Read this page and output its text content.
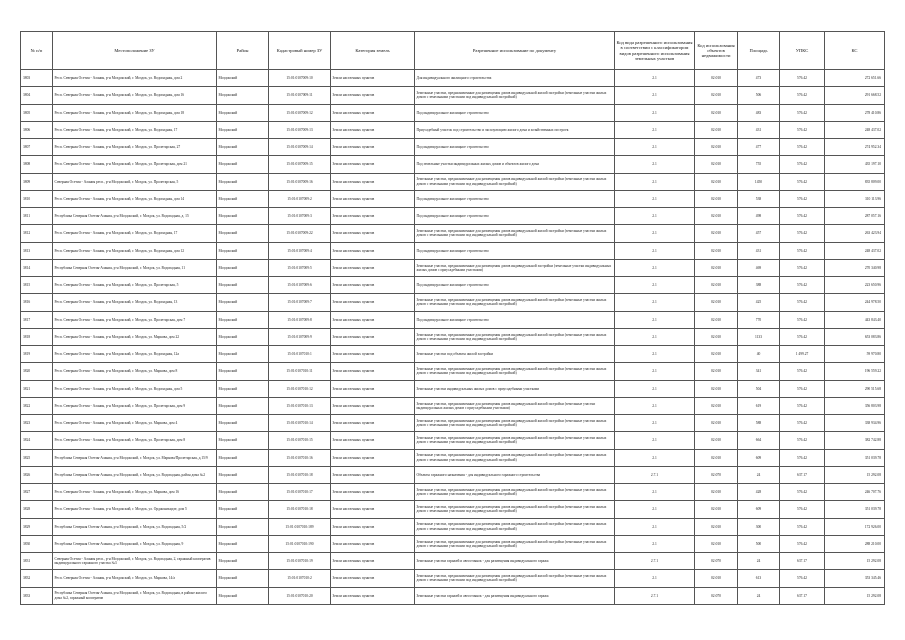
№ п/п	Местоположение ЗУ	Район	Кадастровый номер ЗУ	Категория земель	Разрешенное использование по документу	Код вида разрешенного использования в соответствии с классификатором видов разрешенного использования земельных участков	Код использования объектов недвижимости	Площадь	УПКС	КС
3803	Респ. Северная Осетия - Алания, р-н Моздокский, г. Моздок, ул. Водопадная, дом 2	Моздокский	15:01:0107009:10	Земли населенных пунктов	Для индивидуального жилищного строительства	2.1	02:010	473	576.42	272 651.66
3804	Респ. Северная Осетия - Алания, р-н Моздокский, г. Моздок, ул. Водопадная, дом 16	Моздокский	15:01:0107009:11	Земли населенных пунктов	Земельные участки, предназначенные для размещения домов индивидуальной жилой застройки (земельные участки жилых домов с земельными участками под индивидуальной застройкой)	2.1	02:010	506	576.42	291 668.52
3805	Респ. Северная Осетия - Алания, р-н Моздокский, г. Моздок, ул. Водопадная, дом 18	Моздокский	15:01:0107009:12	Земли населенных пунктов	Под индивидуальное жилищное строительство	2.1	02:010	483	576.42	278 410.86
3806	Респ. Северная Осетия - Алания, р-н Моздокский, г. Моздок, ул. Водопадная, 17	Моздокский	15:01:0107009:13	Земли населенных пунктов	Приусадебный участок под строительство и эксплуатацию жилого дома и хозяйственных построек	2.1	02:010	431	576.42	248 437.02
3807	Респ. Северная Осетия - Алания, р-н Моздокский, г. Моздок, ул. Пролетарская, 27	Моздокский	15:01:0107009:14	Земли населенных пунктов	Под индивидуальное жилищное строительство	2.1	02:010	477	576.42	274 952.34
3808	Респ. Северная Осетия - Алания, р-н Моздокский, г. Моздок, ул. Пролетарская, дом 21	Моздокский	15:01:0107009:15	Земли населенных пунктов	Под земельные участки индивидуальных жилых домов и объектов жилого дома	2.1	02:010	755	576.42	435 197.10
3809	Северная Осетия - Алания респ., р-н Моздокский, г. Моздок, ул. Пролетарская, 5	Моздокский	15:01:0107009:16	Земли населенных пунктов	Земельные участки, предназначенные для размещения домов индивидуальной жилой застройки (земельные участки жилых домов с земельными участками под индивидуальной застройкой)	2.1	02:010	1450	576.42	835 809.00
3810	Респ. Северная Осетия - Алания, р-н Моздокский, г. Моздок, ул. Водопадная, дом 14	Моздокский	15:01:0107009:2	Земли населенных пунктов	Под индивидуальное жилищное строительство	2.1	02:010	538	576.42	310 113.96
3811	Республика Северная Осетия-Алания, р-н Моздокский, г. Моздок, ул. Водопадная, д. 15	Моздокский	15:01:0107009:3	Земли населенных пунктов	Под индивидуальное жилищное строительство	2.1	02:010	498	576.42	287 057.16
3812	Респ. Северная Осетия - Алания, р-н Моздокский, г. Моздок, ул. Водопадная, 17	Моздокский	15:01:0107009:22	Земли населенных пунктов	Земельные участки, предназначенные для размещения домов индивидуальной жилой застройки (земельные участки жилых домов с земельными участками под индивидуальной застройкой)	2.1	02:010	457	576.42	263 423.94
3813	Респ. Северная Осетия - Алания, р-н Моздокский, г. Моздок, ул. Водопадная, дом 12	Моздокский	15:01:0107009:4	Земли населенных пунктов	Под индивидуальное жилищное строительство	2.1	02:010	431	576.42	248 437.02
3814	Республика Северная Осетия-Алания, р-н Моздокский, г. Моздок, ул. Водопадная, 11	Моздокский	15:01:0107009:5	Земли населенных пунктов	Земельные участки, предназначенные для размещения домов индивидуальной застройки (земельные участки индивидуальных жилых домов с приусадебными участками)	2.1	02:010	469	576.42	270 340.98
3815	Респ. Северная Осетия - Алания, р-н Моздокский, г. Моздок, ул. Пролетарская, 5	Моздокский	15:01:0107009:6	Земли населенных пунктов	Под индивидуальное жилищное строительство	2.1	02:010	388	576.42	223 650.96
3816	Респ. Северная Осетия - Алания, р-н Моздокский, г. Моздок, ул. Водопадная, 13	Моздокский	15:01:0107009:7	Земли населенных пунктов	Земельные участки, предназначенные для размещения домов индивидуальной жилой застройки (земельные участки жилых домов с земельными участками под индивидуальной застройкой)	2.1	02:010	425	576.42	244 978.50
3817	Респ. Северная Осетия - Алания, р-н Моздокский, г. Моздок, ул. Пролетарская, дом 7	Моздокский	15:01:0107009:8	Земли населенных пунктов	Под индивидуальное жилищное строительство	2.1	02:010	770	576.42	443 843.40
3818	Респ. Северная Осетия - Алания, р-н Моздокский, г. Моздок, ул. Маркова, дом 22	Моздокский	15:01:0107009:9	Земли населенных пунктов	Земельные участки, предназначенные для размещения домов индивидуальной жилой застройки (земельные участки жилых домов с земельными участками под индивидуальной застройкой)	2.1	02:010	1133	576.42	653 083.86
3819	Респ. Северная Осетия - Алания, р-н Моздокский, г. Моздок, ул. Водопадная, 12а	Моздокский	15:01:0107010:1	Земли населенных пунктов	Земельные участки под объекты жилой застройки	2.1	02:010	40	1 499.27	59 970.80
3820	Респ. Северная Осетия - Алания, р-н Моздокский, г. Моздок, ул. Маркова, дом 8	Моздокский	15:01:0107010:11	Земли населенных пунктов	Земельные участки, предназначенные для размещения домов индивидуальной жилой застройки (земельные участки жилых домов с земельными участками под индивидуальной застройкой)	2.1	02:010	341	576.42	196 559.22
3821	Респ. Северная Осетия - Алания, р-н Моздокский, г. Моздок, ул. Водопадная, дом 5	Моздокский	15:01:0107010:12	Земли населенных пунктов	Земельные участки индивидуальных жилых домов с приусадебными участками	2.1	02:010	504	576.42	290 515.68
3822	Респ. Северная Осетия - Алания, р-н Моздокский, г. Моздок, ул. Пролетарская, дом 9	Моздокский	15:01:0107010:13	Земли населенных пунктов	Земельные участки, предназначенные для размещения домов индивидуальной жилой застройки (земельные участки индивидуальных жилых домов с приусадебными участками)	2.1	02:010	619	576.42	356 803.98
3823	Респ. Северная Осетия - Алания, р-н Моздокский, г. Моздок, ул. Маркова, дом 4	Моздокский	15:01:0107010:14	Земли населенных пунктов	Земельные участки, предназначенные для размещения домов индивидуальной жилой застройки (земельные участки жилых домов с земельными участками под индивидуальной застройкой)	2.1	02:010	588	576.42	338 934.96
3824	Респ. Северная Осетия - Алания, р-н Моздокский, г. Моздок, ул. Пролетарская, дом 8	Моздокский	15:01:0107010:15	Земли населенных пунктов	Земельные участки, предназначенные для размещения домов индивидуальной жилой застройки (земельные участки жилых домов с земельными участками под индивидуальной застройкой)	2.1	02:010	664	576.42	382 742.88
3825	Республика Северная Осетия-Алания, р-н Моздокский, г. Моздок, ул. Маркова/Пролетарская, д.15/9	Моздокский	15:01:0107010:16	Земли населенных пунктов	Земельные участки, предназначенные для размещения домов индивидуальной жилой застройки (земельные участки жилых домов с земельными участками под индивидуальной застройкой)	2.1	02:010	609	576.42	351 039.78
3826	Республика Северная Осетия-Алания, р-н Моздокский, г. Моздок, ул. Водопадная, район дома №2	Моздокский	15:01:0107010:18	Земли населенных пунктов	Объекты гаражного назначения - для индивидуального гаражного строительства	2.7.1	02:070	24	637.17	15 292.08
3827	Респ. Северная Осетия - Алания, р-н Моздокский, г. Моздок, ул. Маркова, дом 16	Моздокский	15:01:0107010:17	Земли населенных пунктов	Земельные участки, предназначенные для размещения домов индивидуальной жилой застройки (земельные участки жилых домов с земельными участками под индивидуальной застройкой)	2.1	02:010	428	576.42	246 707.76
3828	Респ. Северная Осетия - Алания, р-н Моздокский, г. Моздок, ул. Орджоникидзе, дом 5	Моздокский	15:01:0107010:18	Земли населенных пунктов	Земельные участки, предназначенные для размещения домов индивидуальной жилой застройки (земельные участки жилых домов с земельными участками под индивидуальной застройкой)	2.1	02:010	609	576.42	351 039.78
3829	Республика Северная Осетия-Алания, р-н Моздокский, г. Моздок, ул. Водопадная, 5/2	Моздокский	15:01:0107010:189	Земли населенных пунктов	Земельные участки, предназначенные для размещения домов индивидуальной жилой застройки (земельные участки жилых домов с земельными участками под индивидуальной застройкой)	2.1	02:010	300	576.42	172 926.00
3830	Республика Северная Осетия-Алания, р-н Моздокский, г. Моздок, ул. Водопадная, 9	Моздокский	15:01:0107010:190	Земли населенных пунктов	Земельные участки, предназначенные для размещения домов индивидуальной жилой застройки (земельные участки жилых домов с земельными участками под индивидуальной застройкой)	2.1	02:010	500	576.42	288 210.00
3831	Северная Осетия - Алания респ., р-н Моздокский, г. Моздок, ул. Водопадная, 2, гаражный кооператив индивидуального гаражного участка №3	Моздокский	15:01:0107010:19	Земли населенных пунктов	Земельные участки гаражей и автостоянок - для размещения индивидуального гаража	2.7.1	02:070	24	637.17	15 292.08
3832	Респ. Северная Осетия - Алания, р-н Моздокский, г. Моздок, ул. Маркова, 14/а	Моздокский	15:01:0107010:2	Земли населенных пунктов	Земельные участки, предназначенные для размещения домов индивидуальной жилой застройки (земельные участки жилых домов с земельными участками под индивидуальной застройкой)	2.1	02:010	613	576.42	353 345.46
3833	Республика Северная Осетия-Алания, р-н Моздокский, г. Моздок, ул. Водопадная, в районе жилого дома №2, гаражный кооператив	Моздокский	15:01:0107010:20	Земли населенных пунктов	Земельные участки гаражей и автостоянок - для размещения индивидуального гаража	2.7.1	02:070	24	637.17	15 292.08
